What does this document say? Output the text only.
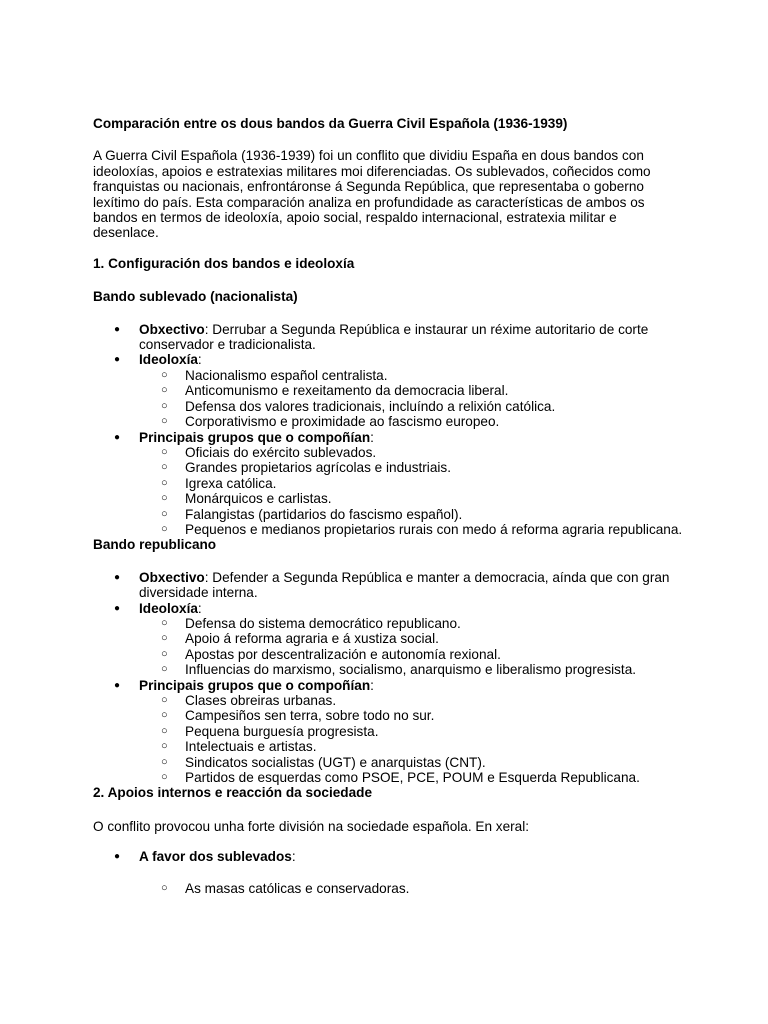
Comparación entre os dous bandos da Guerra Civil Española (1936-1939)

A Guerra Civil Española (1936-1939) foi un conflito que dividiu España en dous bandos con ideoloxías, apoios e estratexias militares moi diferenciadas. Os sublevados, coñecidos como franquistas ou nacionais, enfrontáronse á Segunda República, que representaba o goberno lexítimo do país. Esta comparación analiza en profundidade as características de ambos os bandos en termos de ideoloxía, apoio social, respaldo internacional, estratexia militar e desenlace.

1. Configuración dos bandos e ideoloxía
Bando sublevado (nacionalista)
● Obxectivo: Derrubar a Segunda República e instaurar un réxime autoritario de corte conservador e tradicionalista.
● Ideoloxía:
○ Nacionalismo español centralista.
○ Anticomunismo e rexeitamento da democracia liberal.
○ Defensa dos valores tradicionais, incluíndo a relixión católica.
○ Corporativismo e proximidade ao fascismo europeo.
● Principais grupos que o compoñían:
○ Oficiais do exército sublevados.
○ Grandes propietarios agrícolas e industriais.
○ Igrexa católica.
○ Monárquicos e carlistas.
○ Falangistas (partidarios do fascismo español).
○ Pequenos e medianos propietarios rurais con medo á reforma agraria republicana.
Bando republicano
● Obxectivo: Defender a Segunda República e manter a democracia, aínda que con gran diversidade interna.
● Ideoloxía:
○ Defensa do sistema democrático republicano.
○ Apoio á reforma agraria e á xustiza social.
○ Apostas por descentralización e autonomía rexional.
○ Influencias do marxismo, socialismo, anarquismo e liberalismo progresista.
● Principais grupos que o compoñían:
○ Clases obreiras urbanas.
○ Campesiños sen terra, sobre todo no sur.
○ Pequena burguesía progresista.
○ Intelectuais e artistas.
○ Sindicatos socialistas (UGT) e anarquistas (CNT).
○ Partidos de esquerdas como PSOE, PCE, POUM e Esquerda Republicana.
2. Apoios internos e reacción da sociedade

O conflito provocou unha forte división na sociedade española. En xeral:

● A favor dos sublevados:
○ As masas católicas e conservadoras.
